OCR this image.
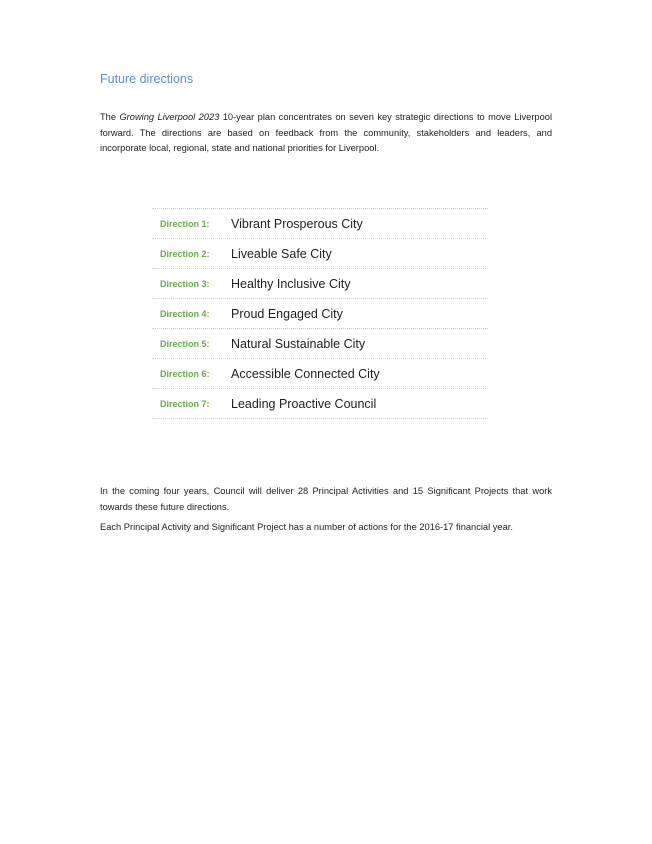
Future directions

The Growing Liverpool 2023 10-year plan concentrates on seven key strategic directions to move Liverpool forward. The directions are based on feedback from the community, stakeholders and leaders, and incorporate local, regional, state and national priorities for Liverpool.

Direction 1:	Vibrant Prosperous City
Direction 2:	Liveable Safe City
Direction 3:	Healthy Inclusive City
Direction 4:	Proud Engaged City
Direction 5:	Natural Sustainable City
Direction 6:	Accessible Connected City
Direction 7:	Leading Proactive Council

In the coming four years, Council will deliver 28 Principal Activities and 15 Significant Projects that work towards these future directions.

Each Principal Activity and Significant Project has a number of actions for the 2016-17 financial year.
